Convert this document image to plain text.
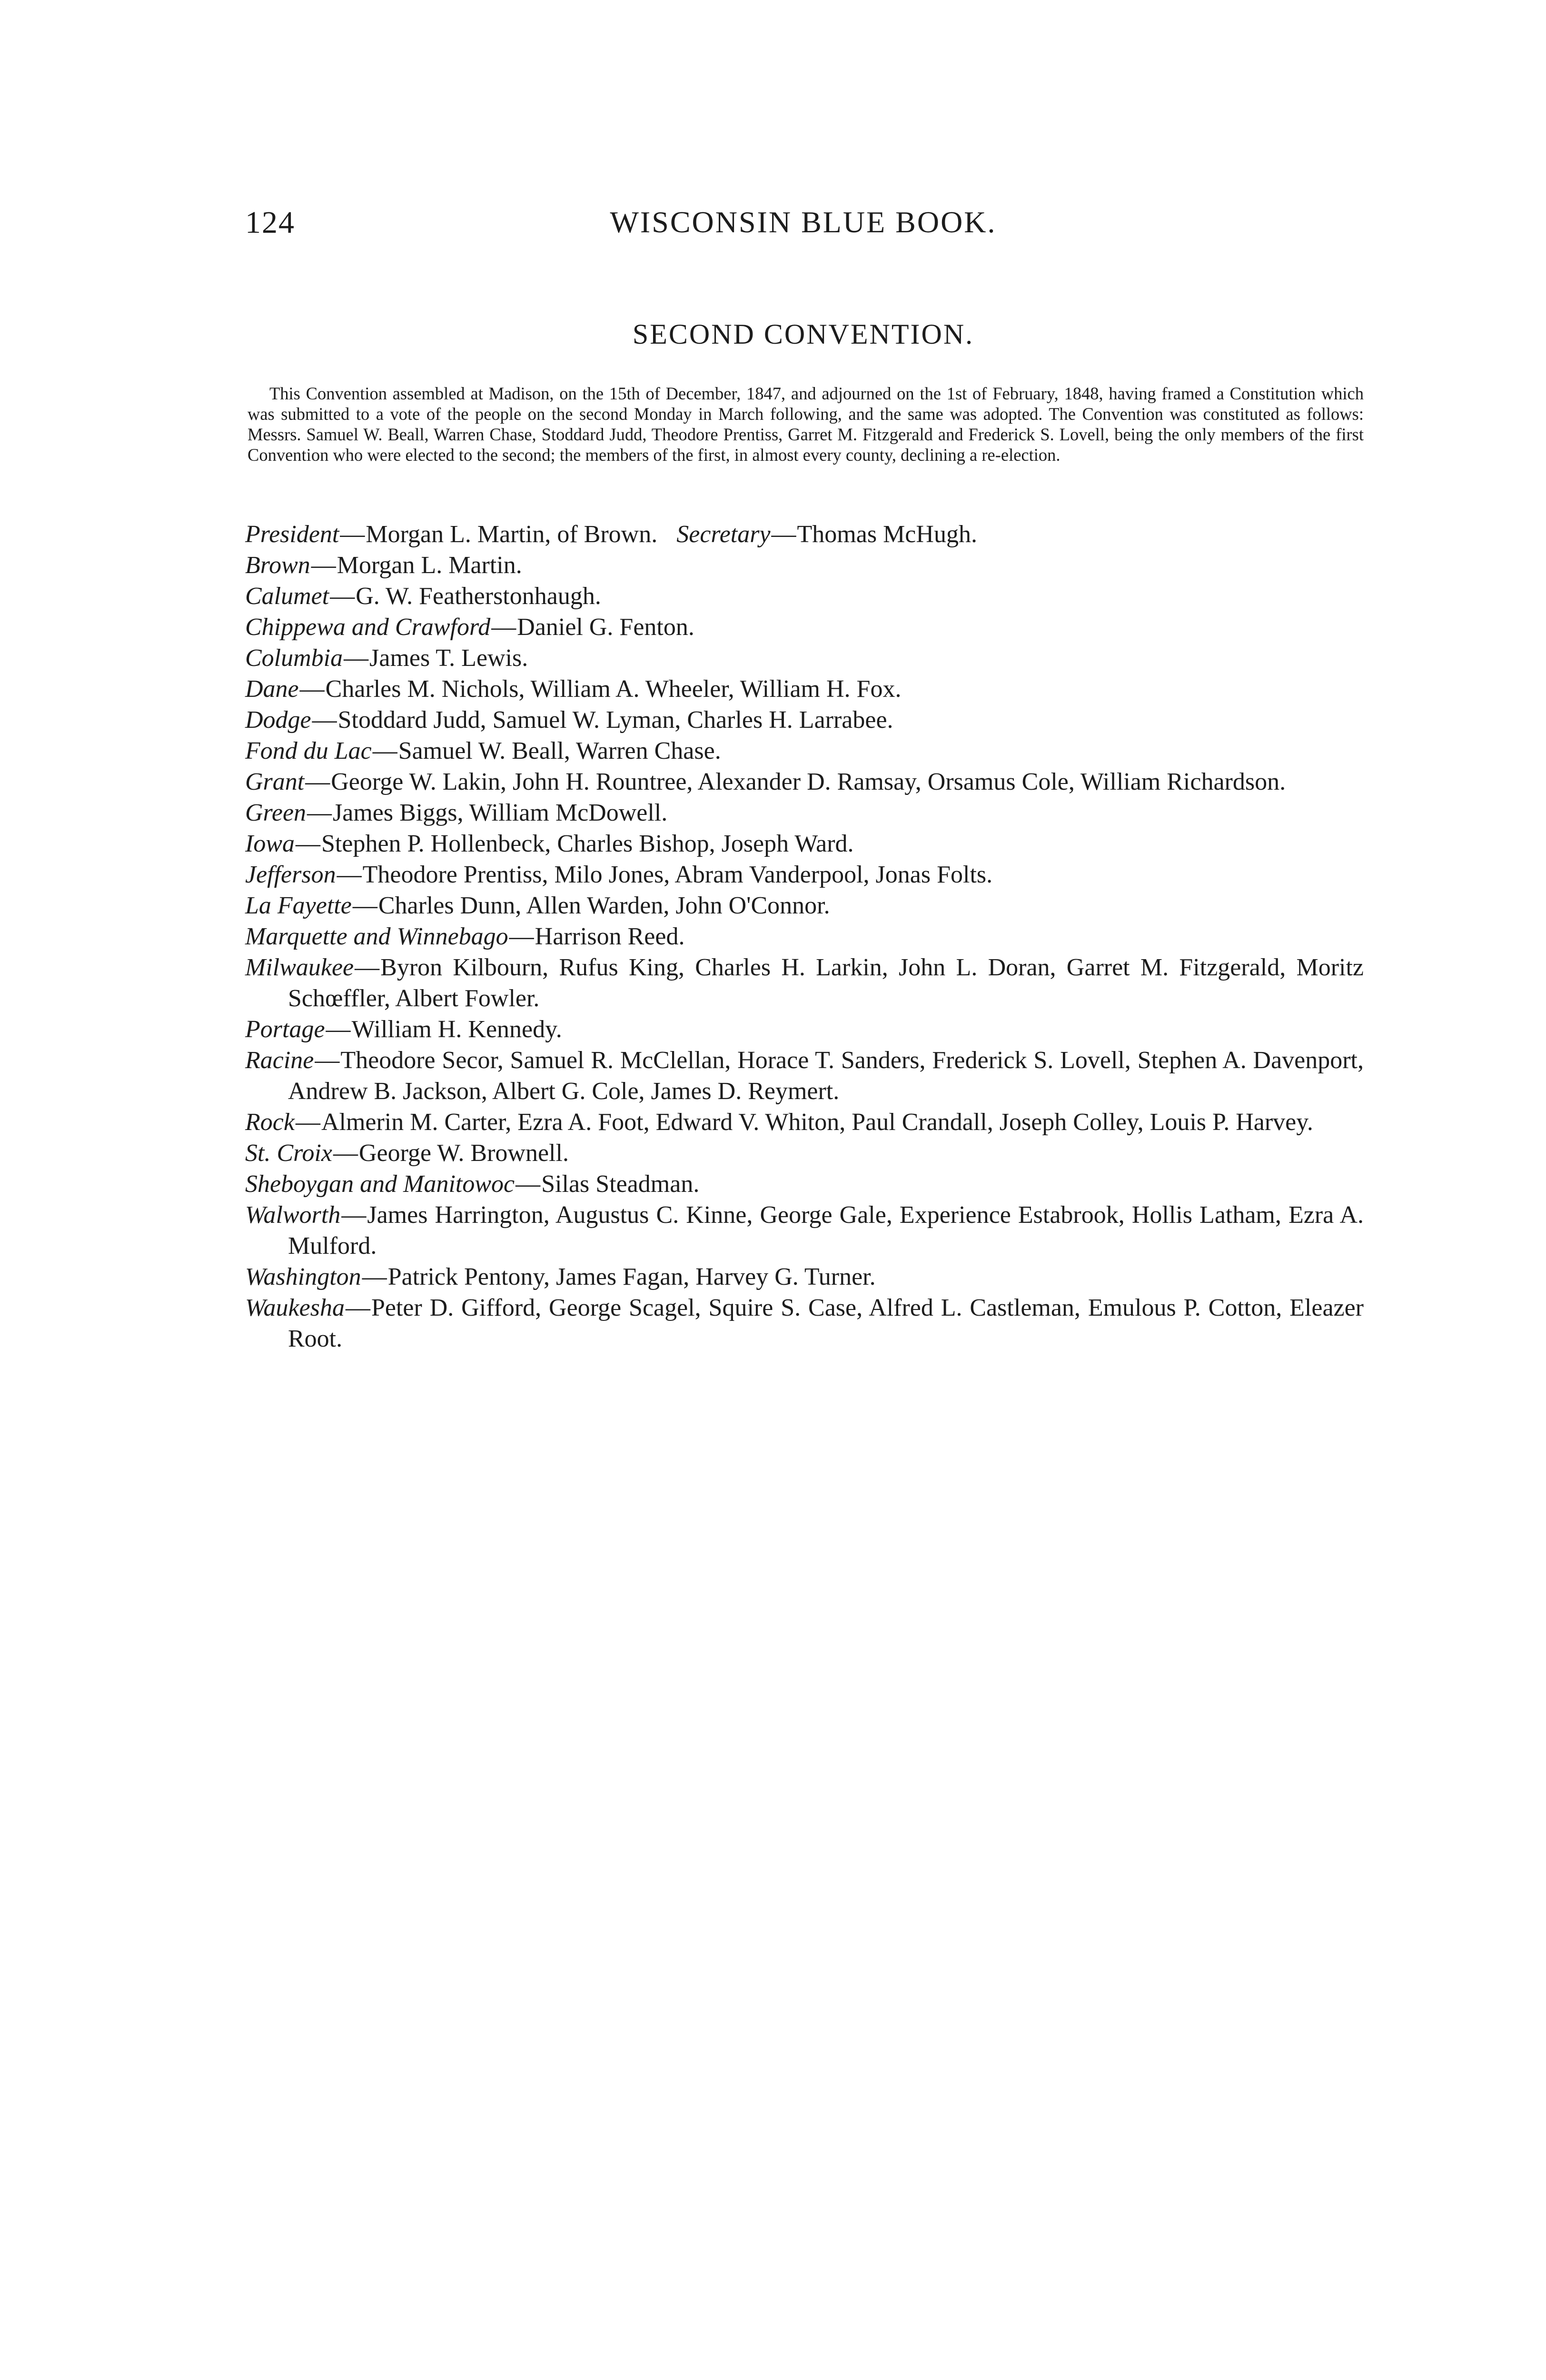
124	WISCONSIN BLUE BOOK.
SECOND CONVENTION.

This Convention assembled at Madison, on the 15th of December, 1847, and adjourned on the 1st of February, 1848, having framed a Constitution which was submitted to a vote of the people on the second Monday in March following, and the same was adopted. The Convention was constituted as follows: Messrs. Samuel W. Beall, Warren Chase, Stoddard Judd, Theodore Prentiss, Garret M. Fitzgerald and Frederick S. Lovell, being the only members of the first Convention who were elected to the second; the members of the first, in almost every county, declining a re-election.

President—Morgan L. Martin, of Brown. Secretary—Thomas McHugh.
Brown—Morgan L. Martin.
Calumet—G. W. Featherstonhaugh.
Chippewa and Crawford—Daniel G. Fenton.
Columbia—James T. Lewis.
Dane—Charles M. Nichols, William A. Wheeler, William H. Fox.
Dodge—Stoddard Judd, Samuel W. Lyman, Charles H. Larrabee.
Fond du Lac—Samuel W. Beall, Warren Chase.
Grant—George W. Lakin, John H. Rountree, Alexander D. Ramsay, Orsamus Cole, William Richardson.
Green—James Biggs, William McDowell.
Iowa—Stephen P. Hollenbeck, Charles Bishop, Joseph Ward.
Jefferson—Theodore Prentiss, Milo Jones, Abram Vanderpool, Jonas Folts.
La Fayette—Charles Dunn, Allen Warden, John O'Connor.
Marquette and Winnebago—Harrison Reed.
Milwaukee—Byron Kilbourn, Rufus King, Charles H. Larkin, John L. Doran, Garret M. Fitzgerald, Moritz Schœffler, Albert Fowler.
Portage—William H. Kennedy.
Racine—Theodore Secor, Samuel R. McClellan, Horace T. Sanders, Frederick S. Lovell, Stephen A. Davenport, Andrew B. Jackson, Albert G. Cole, James D. Reymert.
Rock—Almerin M. Carter, Ezra A. Foot, Edward V. Whiton, Paul Crandall, Joseph Colley, Louis P. Harvey.
St. Croix—George W. Brownell.
Sheboygan and Manitowoc—Silas Steadman.
Walworth—James Harrington, Augustus C. Kinne, George Gale, Experience Estabrook, Hollis Latham, Ezra A. Mulford.
Washington—Patrick Pentony, James Fagan, Harvey G. Turner.
Waukesha—Peter D. Gifford, George Scagel, Squire S. Case, Alfred L. Castleman, Emulous P. Cotton, Eleazer Root.
